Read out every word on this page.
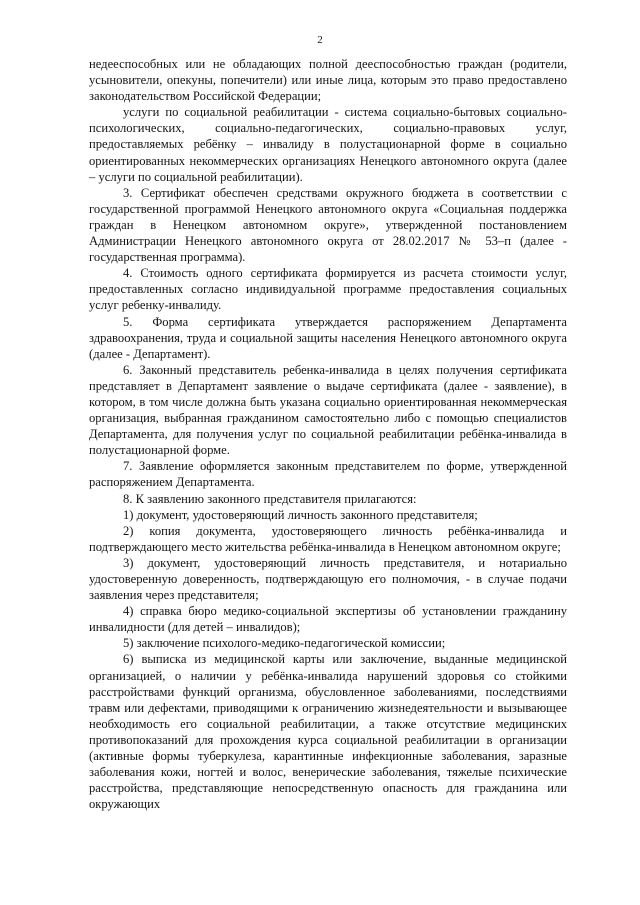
2

недееспособных или не обладающих полной дееспособностью граждан (родители, усыновители, опекуны, попечители) или иные лица, которым это право предоставлено законодательством Российской Федерации;

услуги по социальной реабилитации - система социально-бытовых социально-психологических, социально-педагогических, социально-правовых услуг, предоставляемых ребёнку – инвалиду в полустационарной форме в социально ориентированных некоммерческих организациях Ненецкого автономного округа (далее – услуги по социальной реабилитации).

3. Сертификат обеспечен средствами окружного бюджета в соответствии с государственной программой Ненецкого автономного округа «Социальная поддержка граждан в Ненецком автономном округе», утвержденной постановлением Администрации Ненецкого автономного округа от 28.02.2017 № 53–п (далее - государственная программа).

4. Стоимость одного сертификата формируется из расчета стоимости услуг, предоставленных согласно индивидуальной программе предоставления социальных услуг ребенку-инвалиду.

5. Форма сертификата утверждается распоряжением Департамента здравоохранения, труда и социальной защиты населения Ненецкого автономного округа (далее - Департамент).

6. Законный представитель ребенка-инвалида в целях получения сертификата представляет в Департамент заявление о выдаче сертификата (далее - заявление), в котором, в том числе должна быть указана социально ориентированная некоммерческая организация, выбранная гражданином самостоятельно либо с помощью специалистов Департамента, для получения услуг по социальной реабилитации ребёнка-инвалида в полустационарной форме.

7. Заявление оформляется законным представителем по форме, утвержденной распоряжением Департамента.

8. К заявлению законного представителя прилагаются:

1) документ, удостоверяющий личность законного представителя;

2) копия документа, удостоверяющего личность ребёнка-инвалида и подтверждающего место жительства ребёнка-инвалида в Ненецком автономном округе;

3) документ, удостоверяющий личность представителя, и нотариально удостоверенную доверенность, подтверждающую его полномочия, - в случае подачи заявления через представителя;

4) справка бюро медико-социальной экспертизы об установлении гражданину инвалидности (для детей – инвалидов);

5) заключение психолого-медико-педагогической комиссии;

6) выписка из медицинской карты или заключение, выданные медицинской организацией, о наличии у ребёнка-инвалида нарушений здоровья со стойкими расстройствами функций организма, обусловленное заболеваниями, последствиями травм или дефектами, приводящими к ограничению жизнедеятельности и вызывающее необходимость его социальной реабилитации, а также отсутствие медицинских противопоказаний для прохождения курса социальной реабилитации в организации (активные формы туберкулеза, карантинные инфекционные заболевания, заразные заболевания кожи, ногтей и волос, венерические заболевания, тяжелые психические расстройства, представляющие непосредственную опасность для гражданина или окружающих
